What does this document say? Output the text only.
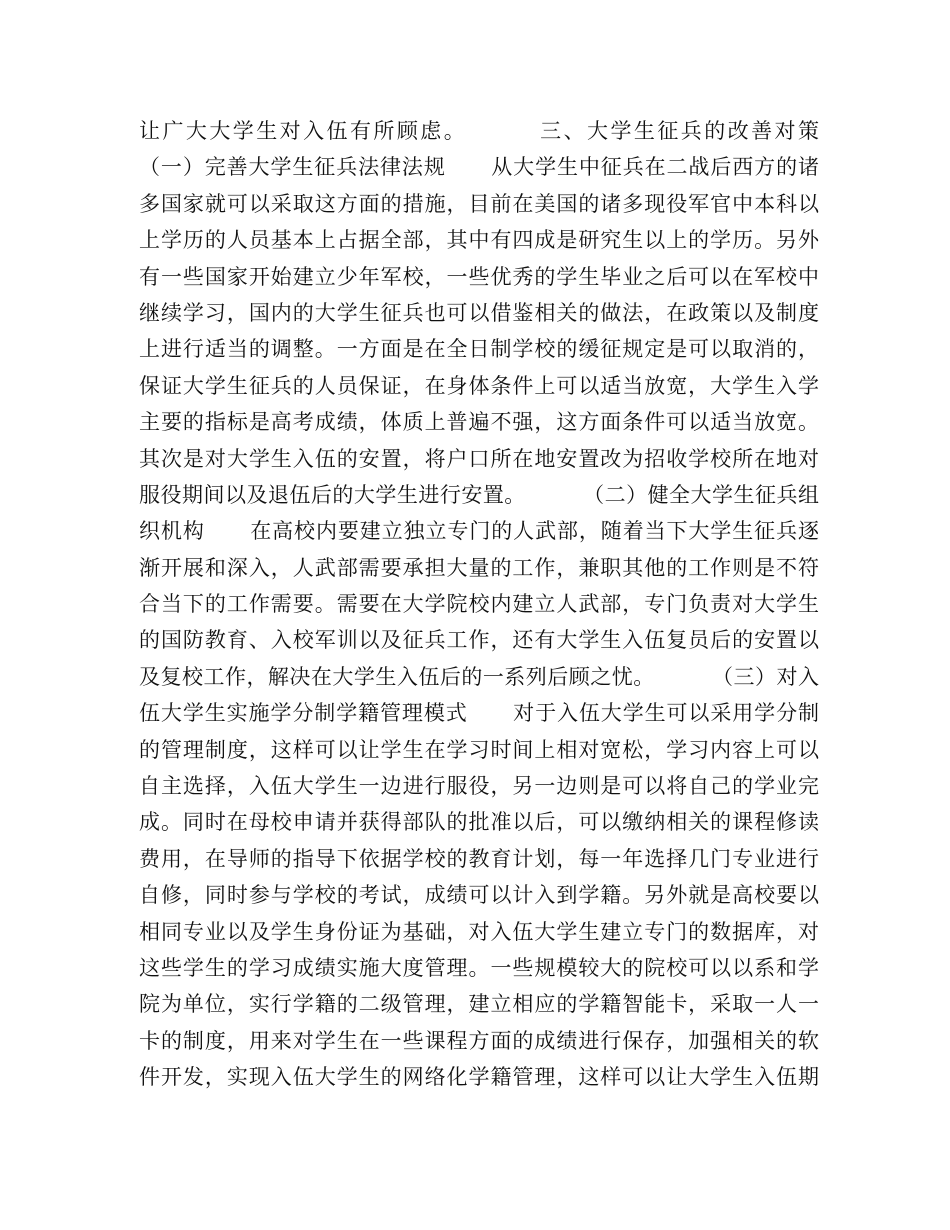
让广大大学生对入伍有所顾虑。        三、大学生征兵的改善对策
（一）完善大学生征兵法律法规      从大学生中征兵在二战后西方的诸
多国家就可以采取这方面的措施，目前在美国的诸多现役军官中本科以
上学历的人员基本上占据全部，其中有四成是研究生以上的学历。另外
有一些国家开始建立少年军校，一些优秀的学生毕业之后可以在军校中
继续学习，国内的大学生征兵也可以借鉴相关的做法，在政策以及制度
上进行适当的调整。一方面是在全日制学校的缓征规定是可以取消的，
保证大学生征兵的人员保证，在身体条件上可以适当放宽，大学生入学
主要的指标是高考成绩，体质上普遍不强，这方面条件可以适当放宽。
其次是对大学生入伍的安置，将户口所在地安置改为招收学校所在地对
服役期间以及退伍后的大学生进行安置。        （二）健全大学生征兵组
织机构      在高校内要建立独立专门的人武部，随着当下大学生征兵逐
渐开展和深入，人武部需要承担大量的工作，兼职其他的工作则是不符
合当下的工作需要。需要在大学院校内建立人武部，专门负责对大学生
的国防教育、入校军训以及征兵工作，还有大学生入伍复员后的安置以
及复校工作，解决在大学生入伍后的一系列后顾之忧。        （三）对入
伍大学生实施学分制学籍管理模式      对于入伍大学生可以采用学分制
的管理制度，这样可以让学生在学习时间上相对宽松，学习内容上可以
自主选择，入伍大学生一边进行服役，另一边则是可以将自己的学业完
成。同时在母校申请并获得部队的批准以后，可以缴纳相关的课程修读
费用，在导师的指导下依据学校的教育计划，每一年选择几门专业进行
自修，同时参与学校的考试，成绩可以计入到学籍。另外就是高校要以
相同专业以及学生身份证为基础，对入伍大学生建立专门的数据库，对
这些学生的学习成绩实施大度管理。一些规模较大的院校可以以系和学
院为单位，实行学籍的二级管理，建立相应的学籍智能卡，采取一人一
卡的制度，用来对学生在一些课程方面的成绩进行保存，加强相关的软
件开发，实现入伍大学生的网络化学籍管理，这样可以让大学生入伍期
